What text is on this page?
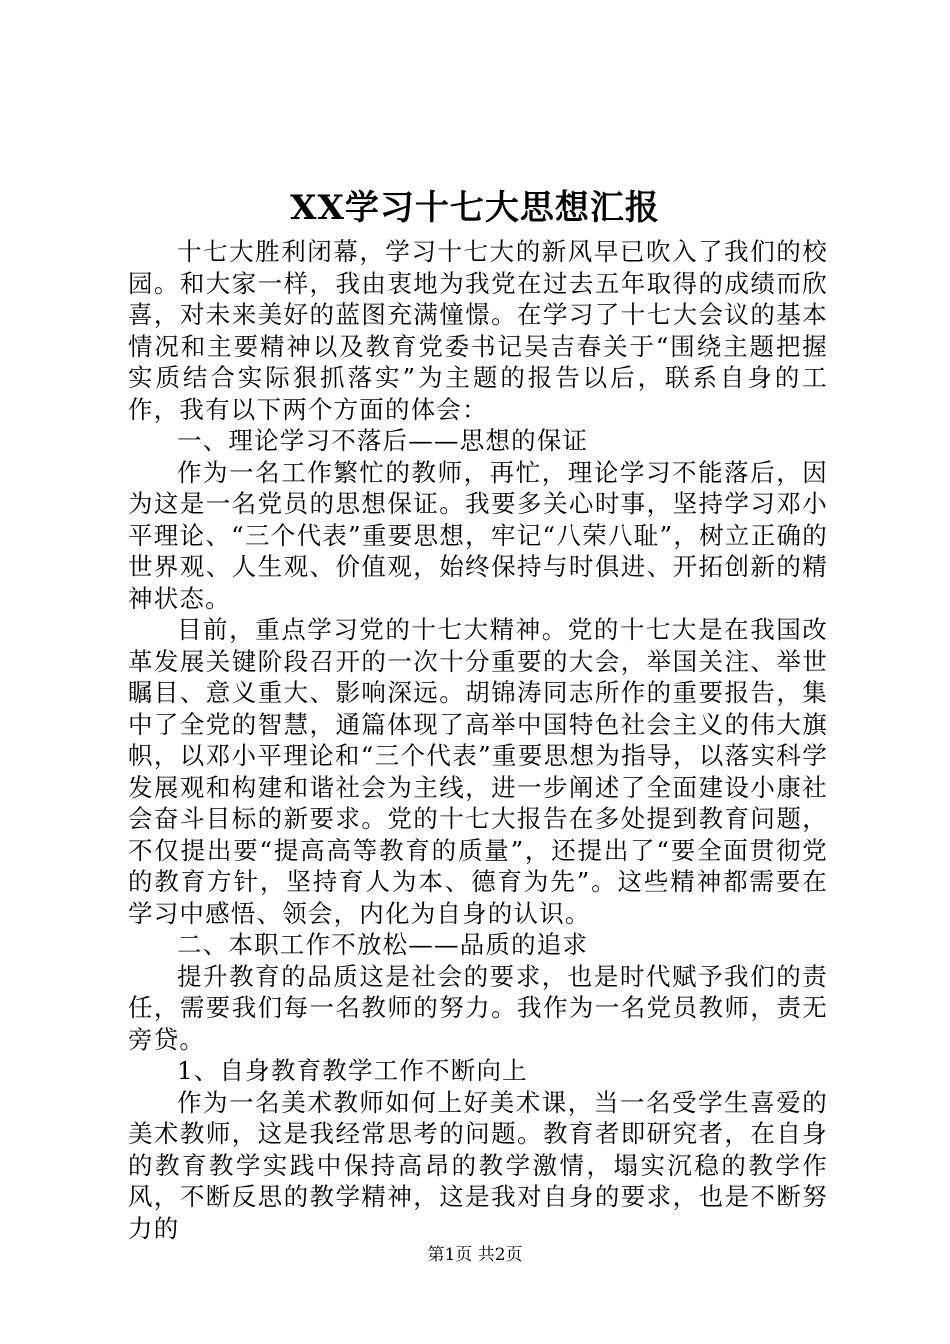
XX学习十七大思想汇报

十七大胜利闭幕，学习十七大的新风早已吹入了我们的校园。和大家一样，我由衷地为我党在过去五年取得的成绩而欣喜，对未来美好的蓝图充满憧憬。在学习了十七大会议的基本情况和主要精神以及教育党委书记吴吉春关于“围绕主题把握实质结合实际狠抓落实”为主题的报告以后，联系自身的工作，我有以下两个方面的体会：

一、理论学习不落后——思想的保证

作为一名工作繁忙的教师，再忙，理论学习不能落后，因为这是一名党员的思想保证。我要多关心时事，坚持学习邓小平理论、“三个代表”重要思想，牢记“八荣八耻”，树立正确的世界观、人生观、价值观，始终保持与时俱进、开拓创新的精神状态。

目前，重点学习党的十七大精神。党的十七大是在我国改革发展关键阶段召开的一次十分重要的大会，举国关注、举世瞩目、意义重大、影响深远。胡锦涛同志所作的重要报告，集中了全党的智慧，通篇体现了高举中国特色社会主义的伟大旗帜，以邓小平理论和“三个代表”重要思想为指导，以落实科学发展观和构建和谐社会为主线，进一步阐述了全面建设小康社会奋斗目标的新要求。党的十七大报告在多处提到教育问题，不仅提出要“提高高等教育的质量”，还提出了“要全面贯彻党的教育方针，坚持育人为本、德育为先”。这些精神都需要在学习中感悟、领会，内化为自身的认识。

二、本职工作不放松——品质的追求

提升教育的品质这是社会的要求，也是时代赋予我们的责任，需要我们每一名教师的努力。我作为一名党员教师，责无旁贷。

1、自身教育教学工作不断向上

作为一名美术教师如何上好美术课，当一名受学生喜爱的美术教师，这是我经常思考的问题。教育者即研究者，在自身的教育教学实践中保持高昂的教学激情，塌实沉稳的教学作风，不断反思的教学精神，这是我对自身的要求，也是不断努力的

第1页 共2页
